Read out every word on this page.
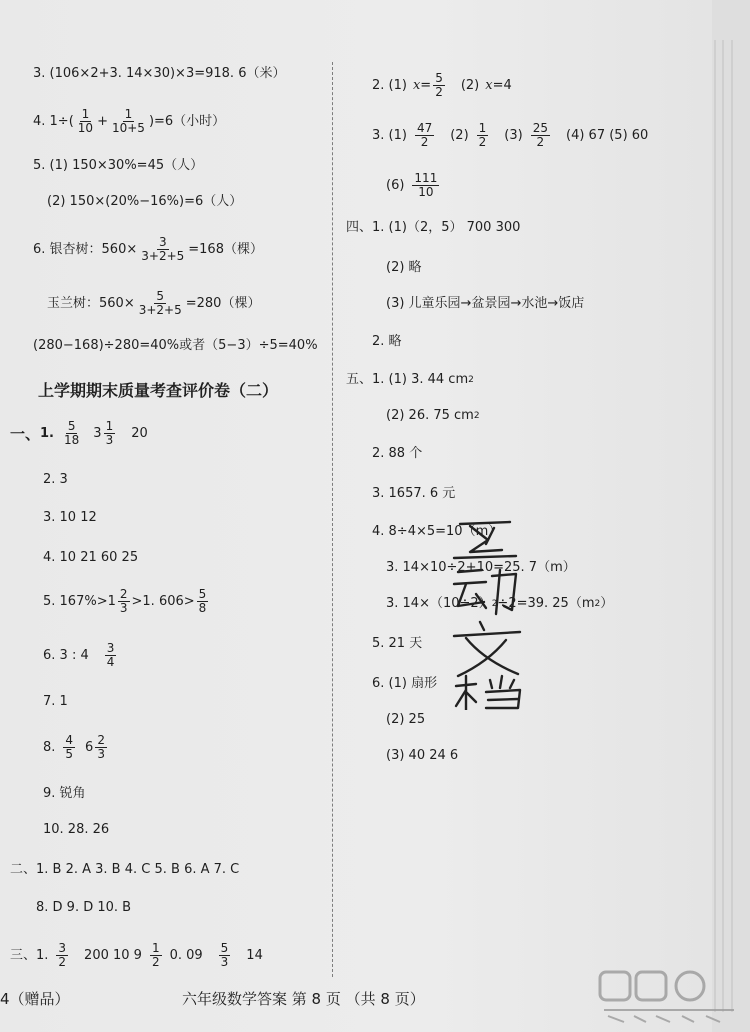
3. (106×2+3. 14×30)×3=918. 6（米）
4. $1\div( \frac{1}{10} + \frac{1}{10+5} )=6$（小时）
5. (1) 150×30%=45（人）
(2) 150×(20%−16%)=6（人）
6. 银杏树：$560\times \frac{3}{3+2+5} =168$（棵）
玉兰树：$560\times \frac{5}{3+2+5} =280$（棵）
(280−168)÷280=40%或者（5−3）÷5=40%
上学期期末质量考查评价卷（二）
一、 1. $\frac{5}{18} 3 \frac{1}{3} 20$
2. 3
3. 10 12
4. 10 21 60 25
5. $167\%>1 \frac{2}{3} >1$. $606> \frac{5}{8}$
6. 3 : $4 \frac{3}{4}$
7. 1
8. $\frac{4}{5} 6 \frac{2}{3}$
9. 锐角
10. 28. 26
二、1. B 2. A 3. B 4. C 5. B 6. A 7. C
8. D 9. D 10. B
三、1. $\frac{3}{2} 200$ 10 $9 \frac{1}{2} 0$. $09 \frac{5}{3} 14$
2. (1) $x = \frac{5}{2} (2)$ x =4
3. $(1) \frac{47}{2} (2) \frac{1}{2} (3) \frac{25}{2} (4)$ 67 (5) 60
$(6) \frac{111}{10}$
四、1. (1)（2，5） 700 300
(2) 略
(3) 儿童乐园→盆景园→水池→饭店
2. 略
五、1. (1) 3. 44 cm 2
(2) 26. 75 cm 2
2. 88 个
3. 1657. 6 元
4. 8÷4×5=10（m）
3. 14×10÷2+10=25. 7（m）
3. 14×（10÷2） 2 ÷2=39. 25（m 2 ）
5. 21 天
6. (1) 扇形
(2) 25
(3) 40 24 6
4（赠品）	六年级数学答案 第 8 页 （共 8 页）
